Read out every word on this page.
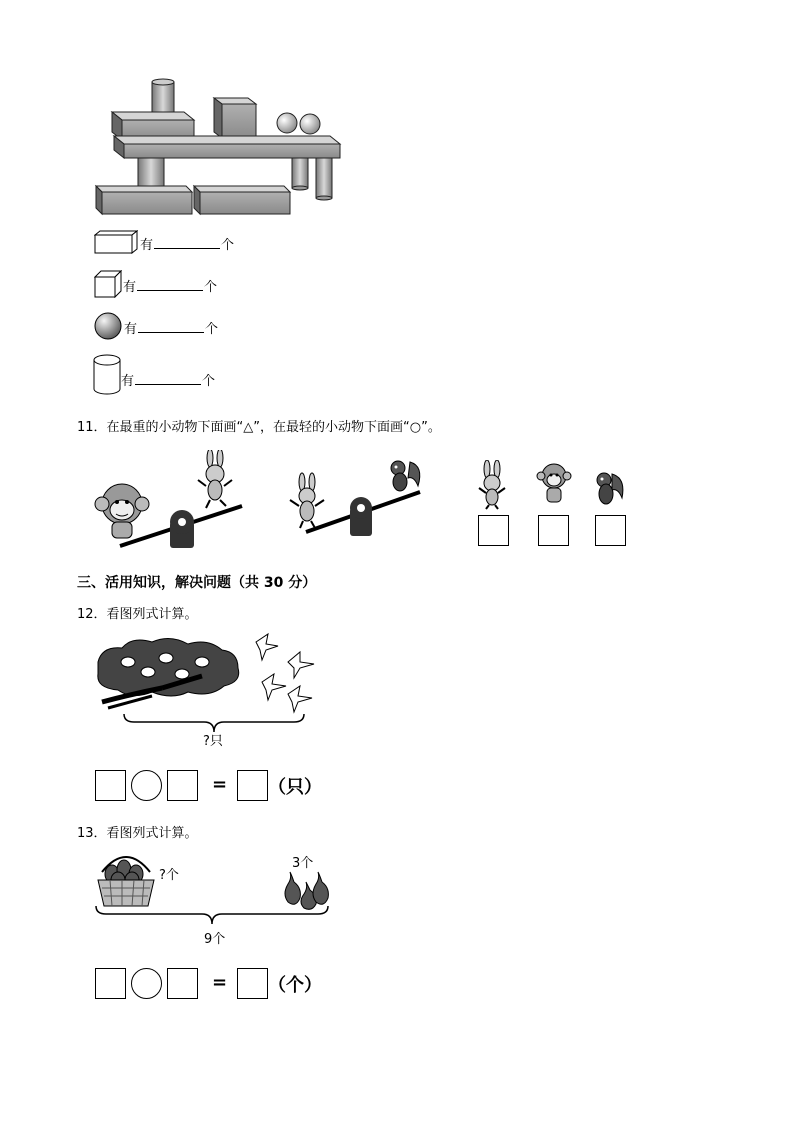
有	个
有	个
有	个
有	个
11．在最重的小动物下面画“△”，在最轻的小动物下面画“○”。
三、活用知识，解决问题（共 30 分）
12．看图列式计算。
?只
= （只）
13．看图列式计算。
?个
3个
9个
= （个）
